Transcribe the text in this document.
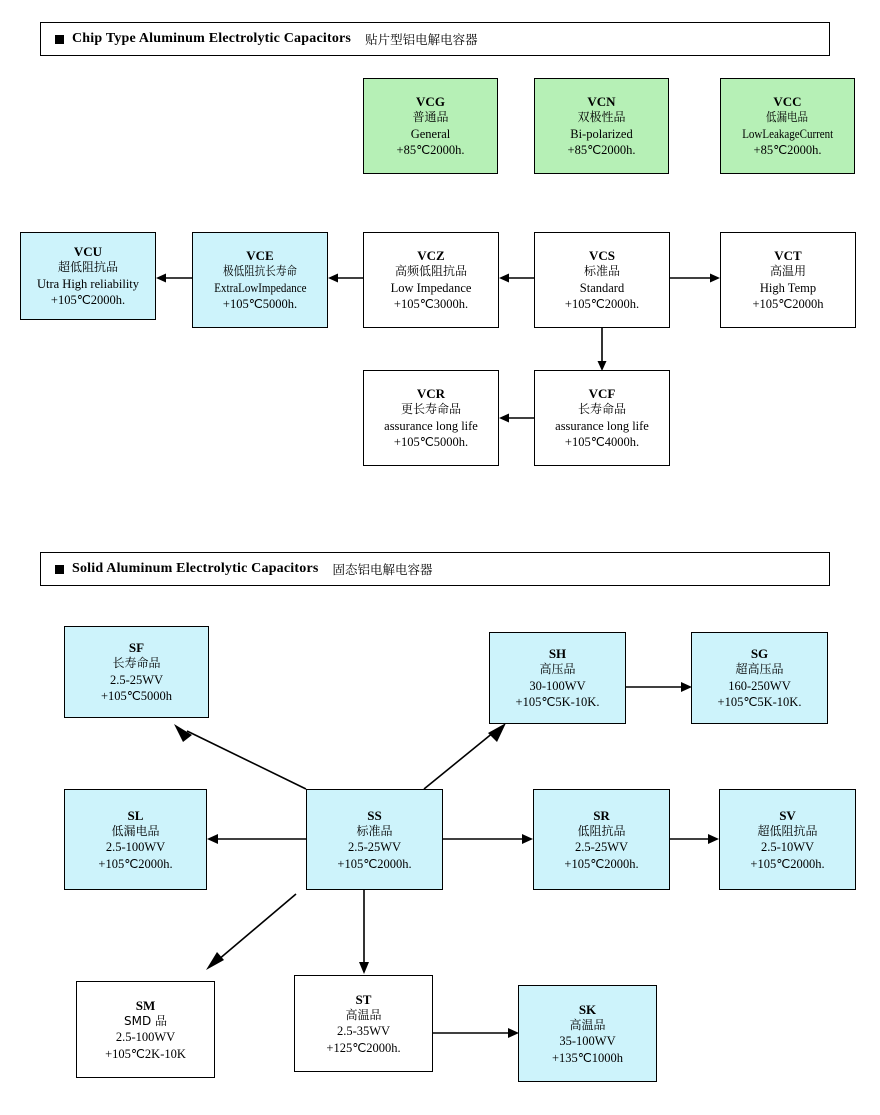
Chip Type Aluminum Electrolytic Capacitors 贴片型铝电解电容器
VCG
普通品
General
+85℃2000h.
VCN
双极性品
Bi-polarized
+85℃2000h.
VCC
低漏电品
LowLeakageCurrent
+85℃2000h.
VCU
超低阻抗品
Utra High reliability
+105℃2000h.
VCE
极低阻抗长寿命
ExtraLowImpedance
+105℃5000h.
VCZ
高频低阻抗品
Low Impedance
+105℃3000h.
VCS
标准品
Standard
+105℃2000h.
VCT
高温用
High Temp
+105℃2000h
VCR
更长寿命品
assurance long life
+105℃5000h.
VCF
长寿命品
assurance long life
+105℃4000h.
Solid Aluminum Electrolytic Capacitors 固态铝电解电容器
SF
长寿命品
2.5-25WV
+105℃5000h
SH
高压品
30-100WV
+105℃5K-10K.
SG
超高压品
160-250WV
+105℃5K-10K.
SL
低漏电品
2.5-100WV
+105℃2000h.
SS
标准品
2.5-25WV
+105℃2000h.
SR
低阻抗品
2.5-25WV
+105℃2000h.
SV
超低阻抗品
2.5-10WV
+105℃2000h.
SM
SMD 品
2.5-100WV
+105℃2K-10K
ST
高温品
2.5-35WV
+125℃2000h.
SK
高温品
35-100WV
+135℃1000h
